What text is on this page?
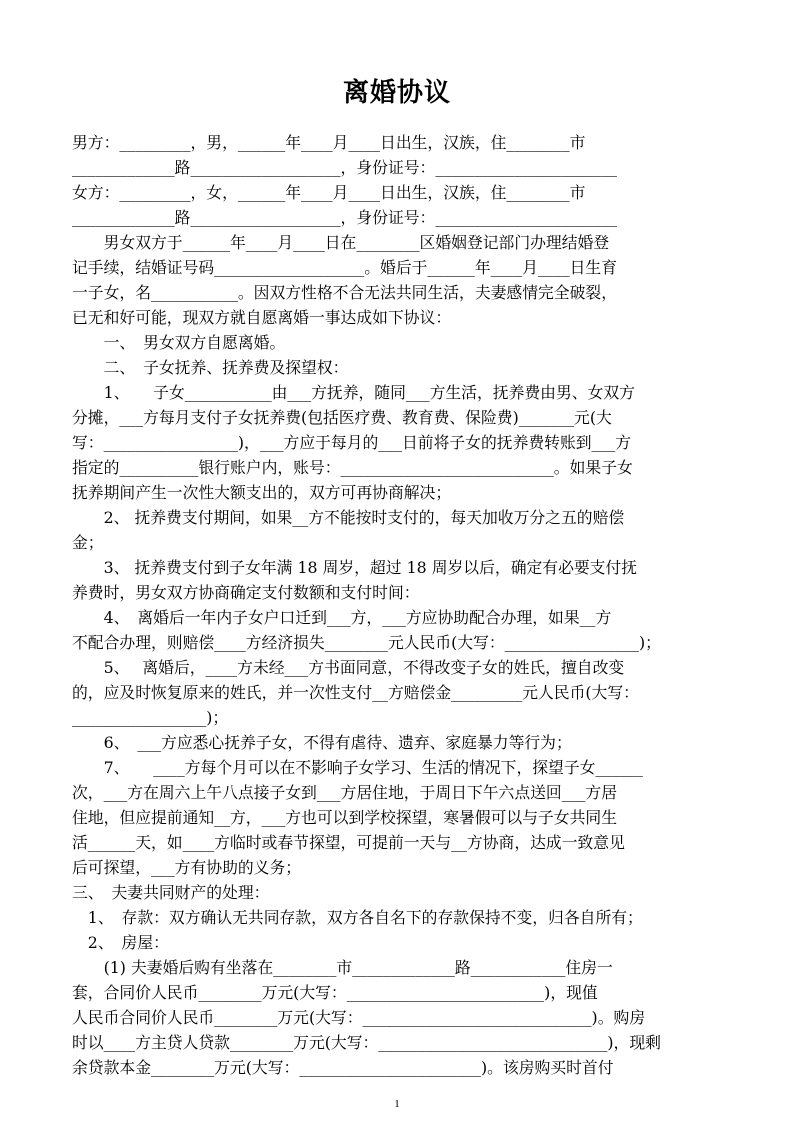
离婚协议
男方：_________，男，______年____月____日出生，汉族，住________市
_____________路___________________，身份证号：_______________________
女方：_________，女，______年____月____日出生，汉族，住________市
_____________路___________________，身份证号：_______________________
　　男女双方于______年____月____日在________区婚姻登记部门办理结婚登
记手续，结婚证号码___________________。婚后于______年____月____日生育
一子女，名___________。因双方性格不合无法共同生活，夫妻感情完全破裂，
已无和好可能，现双方就自愿离婚一事达成如下协议：
　　一、　男女双方自愿离婚。
　　二、　子女抚养、抚养费及探望权：
　　1、　　子女___________由___方抚养，随同___方生活，抚养费由男、女双方
分摊，___方每月支付子女抚养费(包括医疗费、教育费、保险费)_______元(大
写：_________________)，___方应于每月的___日前将子女的抚养费转账到___方
指定的__________银行账户内，账号：___________________________。如果子女
抚养期间产生一次性大额支出的，双方可再协商解决；
　　2、 抚养费支付期间，如果__方不能按时支付的，每天加收万分之五的赔偿
金；
　　3、 抚养费支付到子女年满 18 周岁，超过 18 周岁以后，确定有必要支付抚
养费时，男女双方协商确定支付数额和支付时间：
　　4、　离婚后一年内子女户口迁到___方，___方应协助配合办理，如果__方
不配合办理，则赔偿____方经济损失________元人民币(大写：_________________)；
　　5、　 离婚后，____方未经___方书面同意，不得改变子女的姓氏，擅自改变
的，应及时恢复原来的姓氏，并一次性支付__方赔偿金_________元人民币(大写：
_________________)；
　　6、　___方应悉心抚养子女，不得有虐待、遗弃、家庭暴力等行为；
　　7、　　____方每个月可以在不影响子女学习、生活的情况下，探望子女______
次，___方在周六上午八点接子女到___方居住地，于周日下午六点送回___方居
住地，但应提前通知__方，___方也可以到学校探望，寒暑假可以与子女共同生
活______天，如____方临时或春节探望，可提前一天与__方协商，达成一致意见
后可探望，___方有协助的义务；
三、　夫妻共同财产的处理：
　1、　存款：双方确认无共同存款，双方各自名下的存款保持不变，归各自所有；
　2、　房屋：
　　(1) 夫妻婚后购有坐落在________市_____________路____________住房一
套，合同价人民币________万元(大写：_________________________)，现值
人民币合同价人民币________万元(大写：_____________________________)。购房
时以____方主贷人贷款________万元(大写：_____________________________)，现剩
余贷款本金________万元(大写：_______________________)。该房购买时首付
1
